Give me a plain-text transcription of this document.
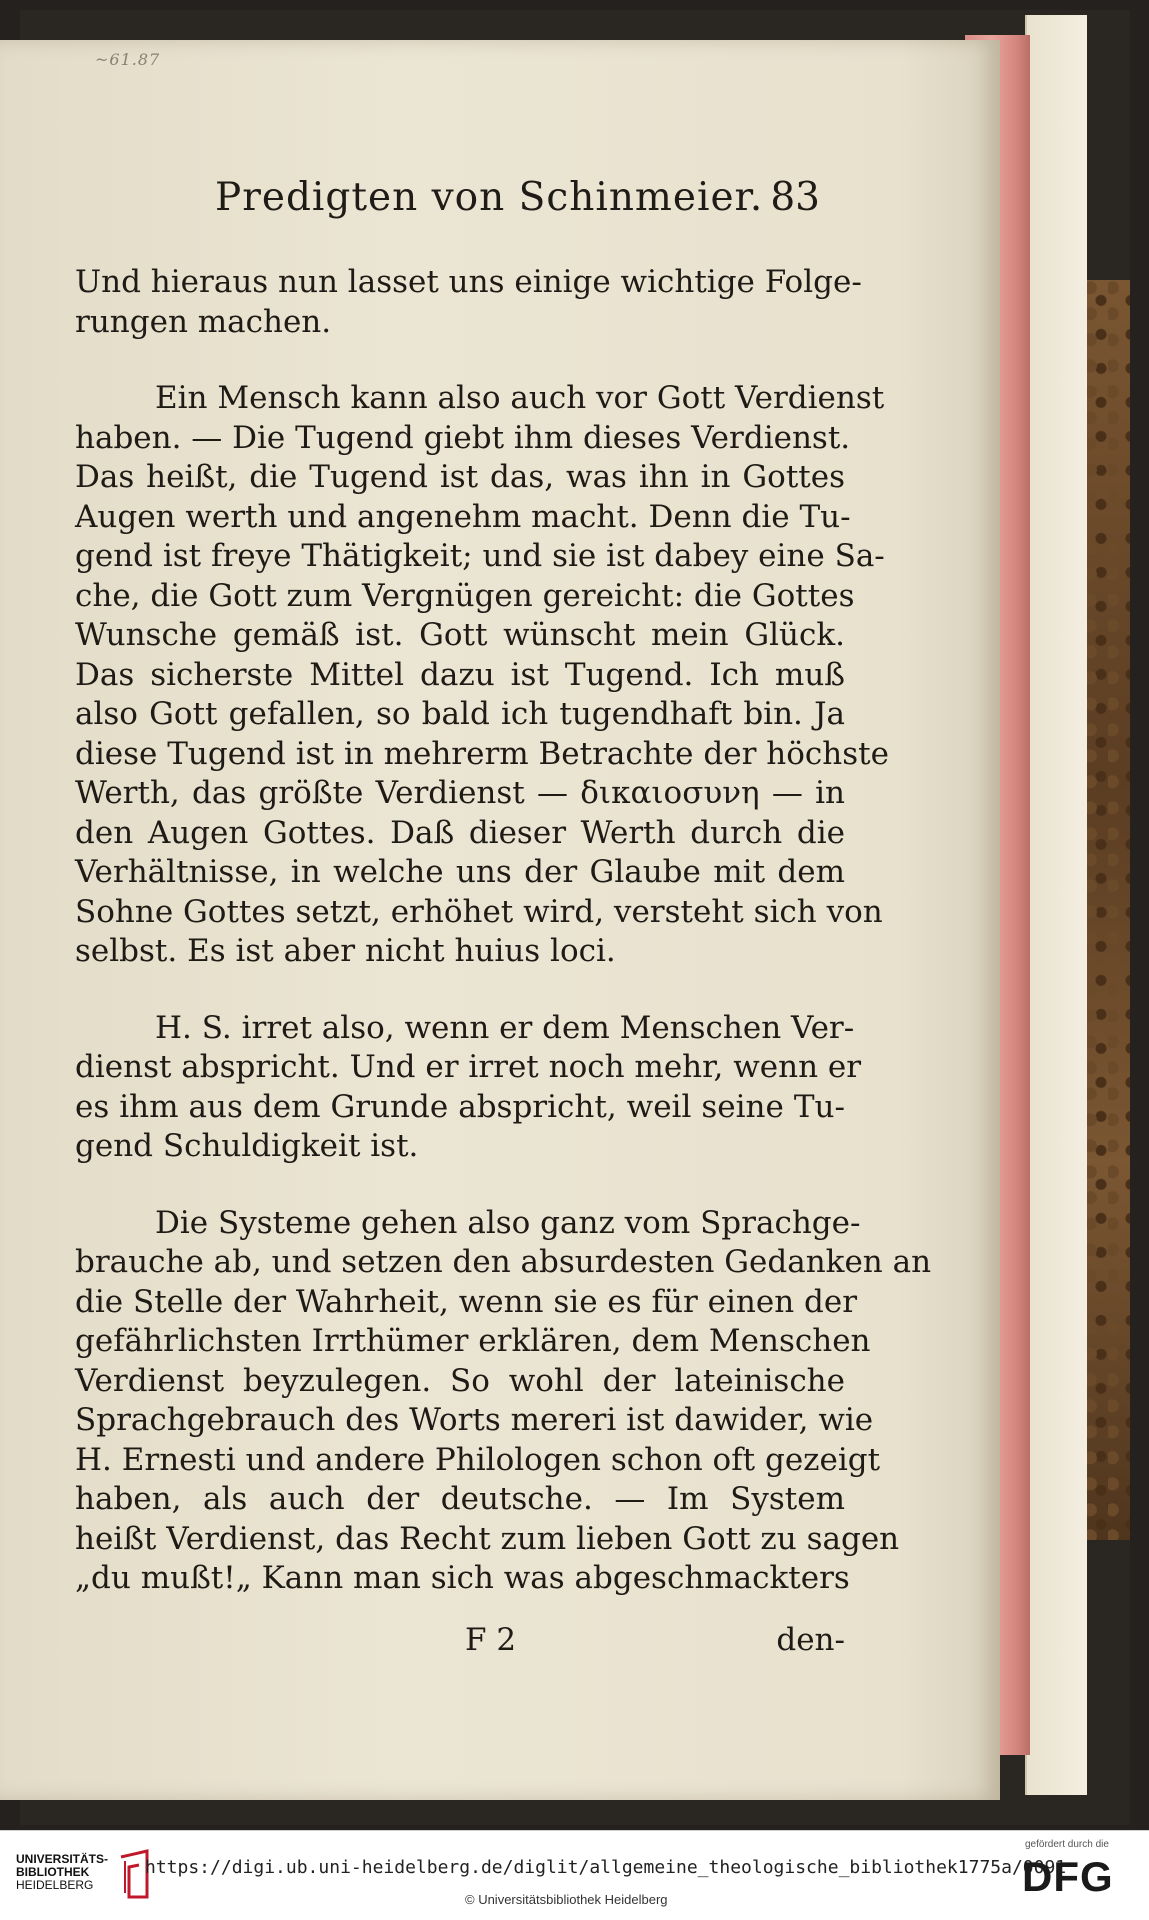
~61.87
Predigten von Schinmeier. 83
Und hieraus nun lasset uns einige wichtige Folge-
rungen machen.
Ein Mensch kann also auch vor Gott Verdienst
haben. — Die Tugend giebt ihm dieses Verdienst.
Das heißt, die Tugend ist das, was ihn in Gottes
Augen werth und angenehm macht. Denn die Tu-
gend ist freye Thätigkeit; und sie ist dabey eine Sa-
che, die Gott zum Vergnügen gereicht: die Gottes
Wunsche gemäß ist. Gott wünscht mein Glück.
Das sicherste Mittel dazu ist Tugend. Ich muß
also Gott gefallen, so bald ich tugendhaft bin. Ja
diese Tugend ist in mehrerm Betrachte der höchste
Werth, das größte Verdienst — δικαιοσυνη — in
den Augen Gottes. Daß dieser Werth durch die
Verhältnisse, in welche uns der Glaube mit dem
Sohne Gottes setzt, erhöhet wird, versteht sich von
selbst. Es ist aber nicht huius loci.
H. S. irret also, wenn er dem Menschen Ver-
dienst abspricht. Und er irret noch mehr, wenn er
es ihm aus dem Grunde abspricht, weil seine Tu-
gend Schuldigkeit ist.
Die Systeme gehen also ganz vom Sprachge-
brauche ab, und setzen den absurdesten Gedanken an
die Stelle der Wahrheit, wenn sie es für einen der
gefährlichsten Irrthümer erklären, dem Menschen
Verdienst beyzulegen. So wohl der lateinische
Sprachgebrauch des Worts mereri ist dawider, wie
H. Ernesti und andere Philologen schon oft gezeigt
haben, als auch der deutsche. — Im System
heißt Verdienst, das Recht zum lieben Gott zu sagen
„du mußt!„ Kann man sich was abgeschmackters
F 2	den-
UNIVERSITÄTS-
BIBLIOTHEK
HEIDELBERG
https://digi.ub.uni-heidelberg.de/diglit/allgemeine_theologische_bibliothek1775a/0091
© Universitätsbibliothek Heidelberg
gefördert durch die
DFG
